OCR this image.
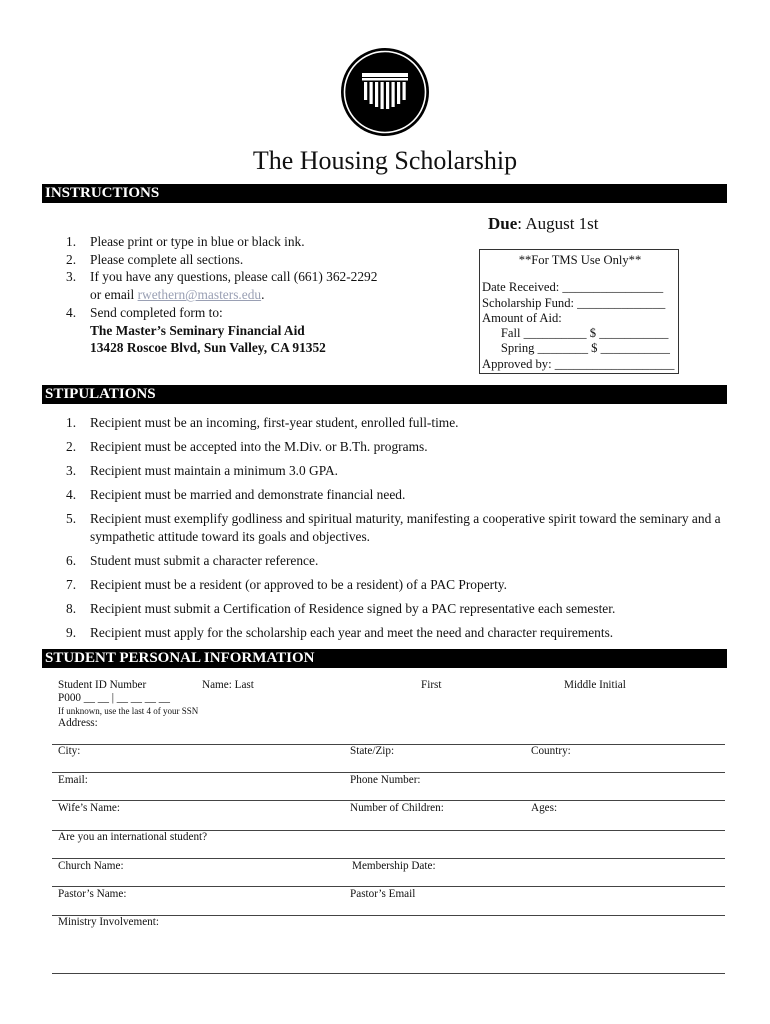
The Housing Scholarship
INSTRUCTIONS
Due: August 1st
1.	Please print or type in blue or black ink.
2.	Please complete all sections.
3.	If you have any questions, please call (661) 362-2292
or email rwethern@masters.edu.
4.	Send completed form to:
The Master’s Seminary Financial Aid
13428 Roscoe Blvd, Sun Valley, CA 91352
**For TMS Use Only**
Date Received: ________________
Scholarship Fund: ______________
Amount of Aid:
Fall __________ $ ___________
Spring ________ $ ___________
Approved by: ___________________
STIPULATIONS
1.	Recipient must be an incoming, first-year student, enrolled full-time.
2.	Recipient must be accepted into the M.Div. or B.Th. programs.
3.	Recipient must maintain a minimum 3.0 GPA.
4.	Recipient must be married and demonstrate financial need.
5.	Recipient must exemplify godliness and spiritual maturity, manifesting a cooperative spirit toward the seminary and a sympathetic attitude toward its goals and objectives.
6.	Student must submit a character reference.
7.	Recipient must be a resident (or approved to be a resident) of a PAC Property.
8.	Recipient must submit a Certification of Residence signed by a PAC representative each semester.
9.	Recipient must apply for the scholarship each year and meet the need and character requirements.
STUDENT PERSONAL INFORMATION
Student ID Number
P000 __ __ | __ __ __ __
If unknown, use the last 4 of your SSN
Name: Last	First	Middle Initial
Address:
City:	State/Zip:	Country:
Email:	Phone Number:
Wife’s Name:	Number of Children:	Ages:
Are you an international student?
Church Name:	Membership Date:
Pastor’s Name:	Pastor’s Email
Ministry Involvement:
